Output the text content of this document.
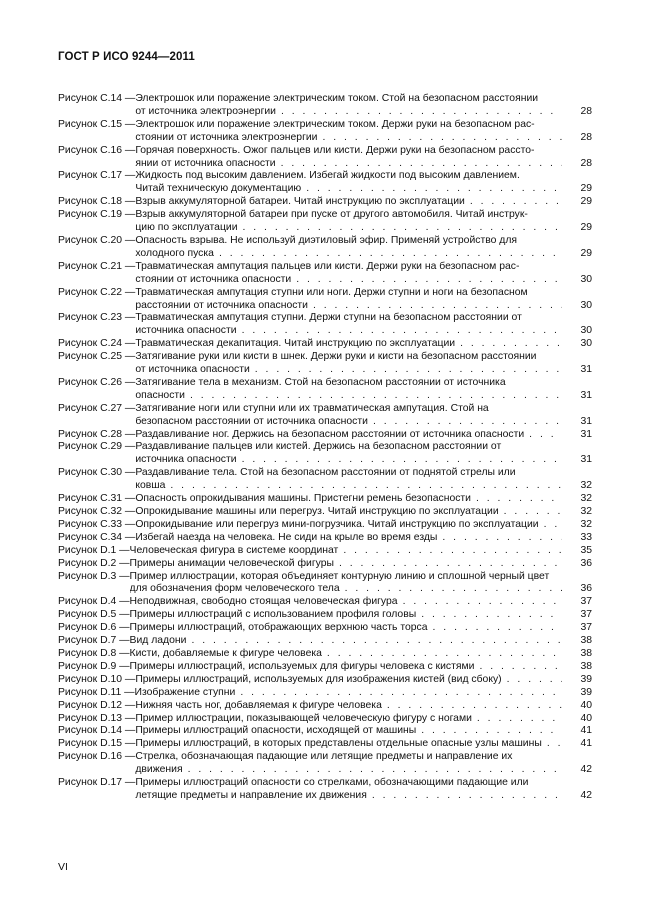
ГОСТ Р ИСО 9244—2011
Рисунок С.14 — Электрошок или поражение электрическим током. Стой на безопасном расстоянии
от источника электроэнергии . . .	28
Рисунок С.15 — Электрошок или поражение электрическим током. Держи руки на безопасном рас-
стоянии от источника электроэнергии . . .	28
Рисунок С.16 — Горячая поверхность. Ожог пальцев или кисти. Держи руки на безопасном рассто-
янии от источника опасности . . .	28
Рисунок С.17 — Жидкость под высоким давлением. Избегай жидкости под высоким давлением.
Читай техническую документацию . . .	29
Рисунок С.18 — Взрыв аккумуляторной батареи. Читай инструкцию по эксплуатации . . .	29
Рисунок С.19 — Взрыв аккумуляторной батареи при пуске от другого автомобиля. Читай инструк-
цию по эксплуатации . . .	29
Рисунок С.20 — Опасность взрыва. Не используй диэтиловый эфир. Применяй устройство для
холодного пуска . . .	29
Рисунок С.21 — Травматическая ампутация пальцев или кисти. Держи руки на безопасном рас-
стоянии от источника опасности . . .	30
Рисунок С.22 — Травматическая ампутация ступни или ноги. Держи ступни и ноги на безопасном
расстоянии от источника опасности . . .	30
Рисунок С.23 — Травматическая ампутация ступни. Держи ступни на безопасном расстоянии от
источника опасности . . .	30
Рисунок С.24 — Травматическая декапитация. Читай инструкцию по эксплуатации . . .	30
Рисунок С.25 — Затягивание руки или кисти в шнек. Держи руки и кисти на безопасном расстоянии
от источника опасности . . .	31
Рисунок С.26 — Затягивание тела в механизм. Стой на безопасном расстоянии от источника
опасности . . .	31
Рисунок С.27 — Затягивание ноги или ступни или их травматическая ампутация. Стой на
безопасном расстоянии от источника опасности . . .	31
Рисунок С.28 — Раздавливание ног. Держись на безопасном расстоянии от источника опасности . . .	31
Рисунок С.29 — Раздавливание пальцев или кистей. Держись на безопасном расстоянии от
источника опасности . . .	31
Рисунок С.30 — Раздавливание тела. Стой на безопасном расстоянии от поднятой стрелы или
ковша . . .	32
Рисунок С.31 — Опасность опрокидывания машины. Пристегни ремень безопасности . . .	32
Рисунок С.32 — Опрокидывание машины или перегруз. Читай инструкцию по эксплуатации . . .	32
Рисунок С.33 — Опрокидывание или перегруз мини-погрузчика. Читай инструкцию по эксплуатации . . .	32
Рисунок С.34 — Избегай наезда на человека. Не сиди на крыле во время езды . . .	33
Рисунок D.1 — Человеческая фигура в системе координат . . .	35
Рисунок D.2 — Примеры анимации человеческой фигуры . . .	36
Рисунок D.3 — Пример иллюстрации, которая объединяет контурную линию и сплошной черный цвет
для обозначения форм человеческого тела . . .	36
Рисунок D.4 — Неподвижная, свободно стоящая человеческая фигура . . .	37
Рисунок D.5 — Примеры иллюстраций с использованием профиля головы . . .	37
Рисунок D.6 — Примеры иллюстраций, отображающих верхнюю часть торса . . .	37
Рисунок D.7 — Вид ладони . . .	38
Рисунок D.8 — Кисти, добавляемые к фигуре человека . . .	38
Рисунок D.9 — Примеры иллюстраций, используемых для фигуры человека с кистями . . .	38
Рисунок D.10 — Примеры иллюстраций, используемых для изображения кистей (вид сбоку) . . .	39
Рисунок D.11 — Изображение ступни . . .	39
Рисунок D.12 — Нижняя часть ног, добавляемая к фигуре человека . . .	40
Рисунок D.13 — Пример иллюстрации, показывающей человеческую фигуру с ногами . . .	40
Рисунок D.14 — Примеры иллюстраций опасности, исходящей от машины . . .	41
Рисунок D.15 — Примеры иллюстраций, в которых представлены отдельные опасные узлы машины . . .	41
Рисунок D.16 — Стрелка, обозначающая падающие или летящие предметы и направление их
движения . . .	42
Рисунок D.17 — Примеры иллюстраций опасности со стрелками, обозначающими падающие или
летящие предметы и направление их движения . . .	42
VI
